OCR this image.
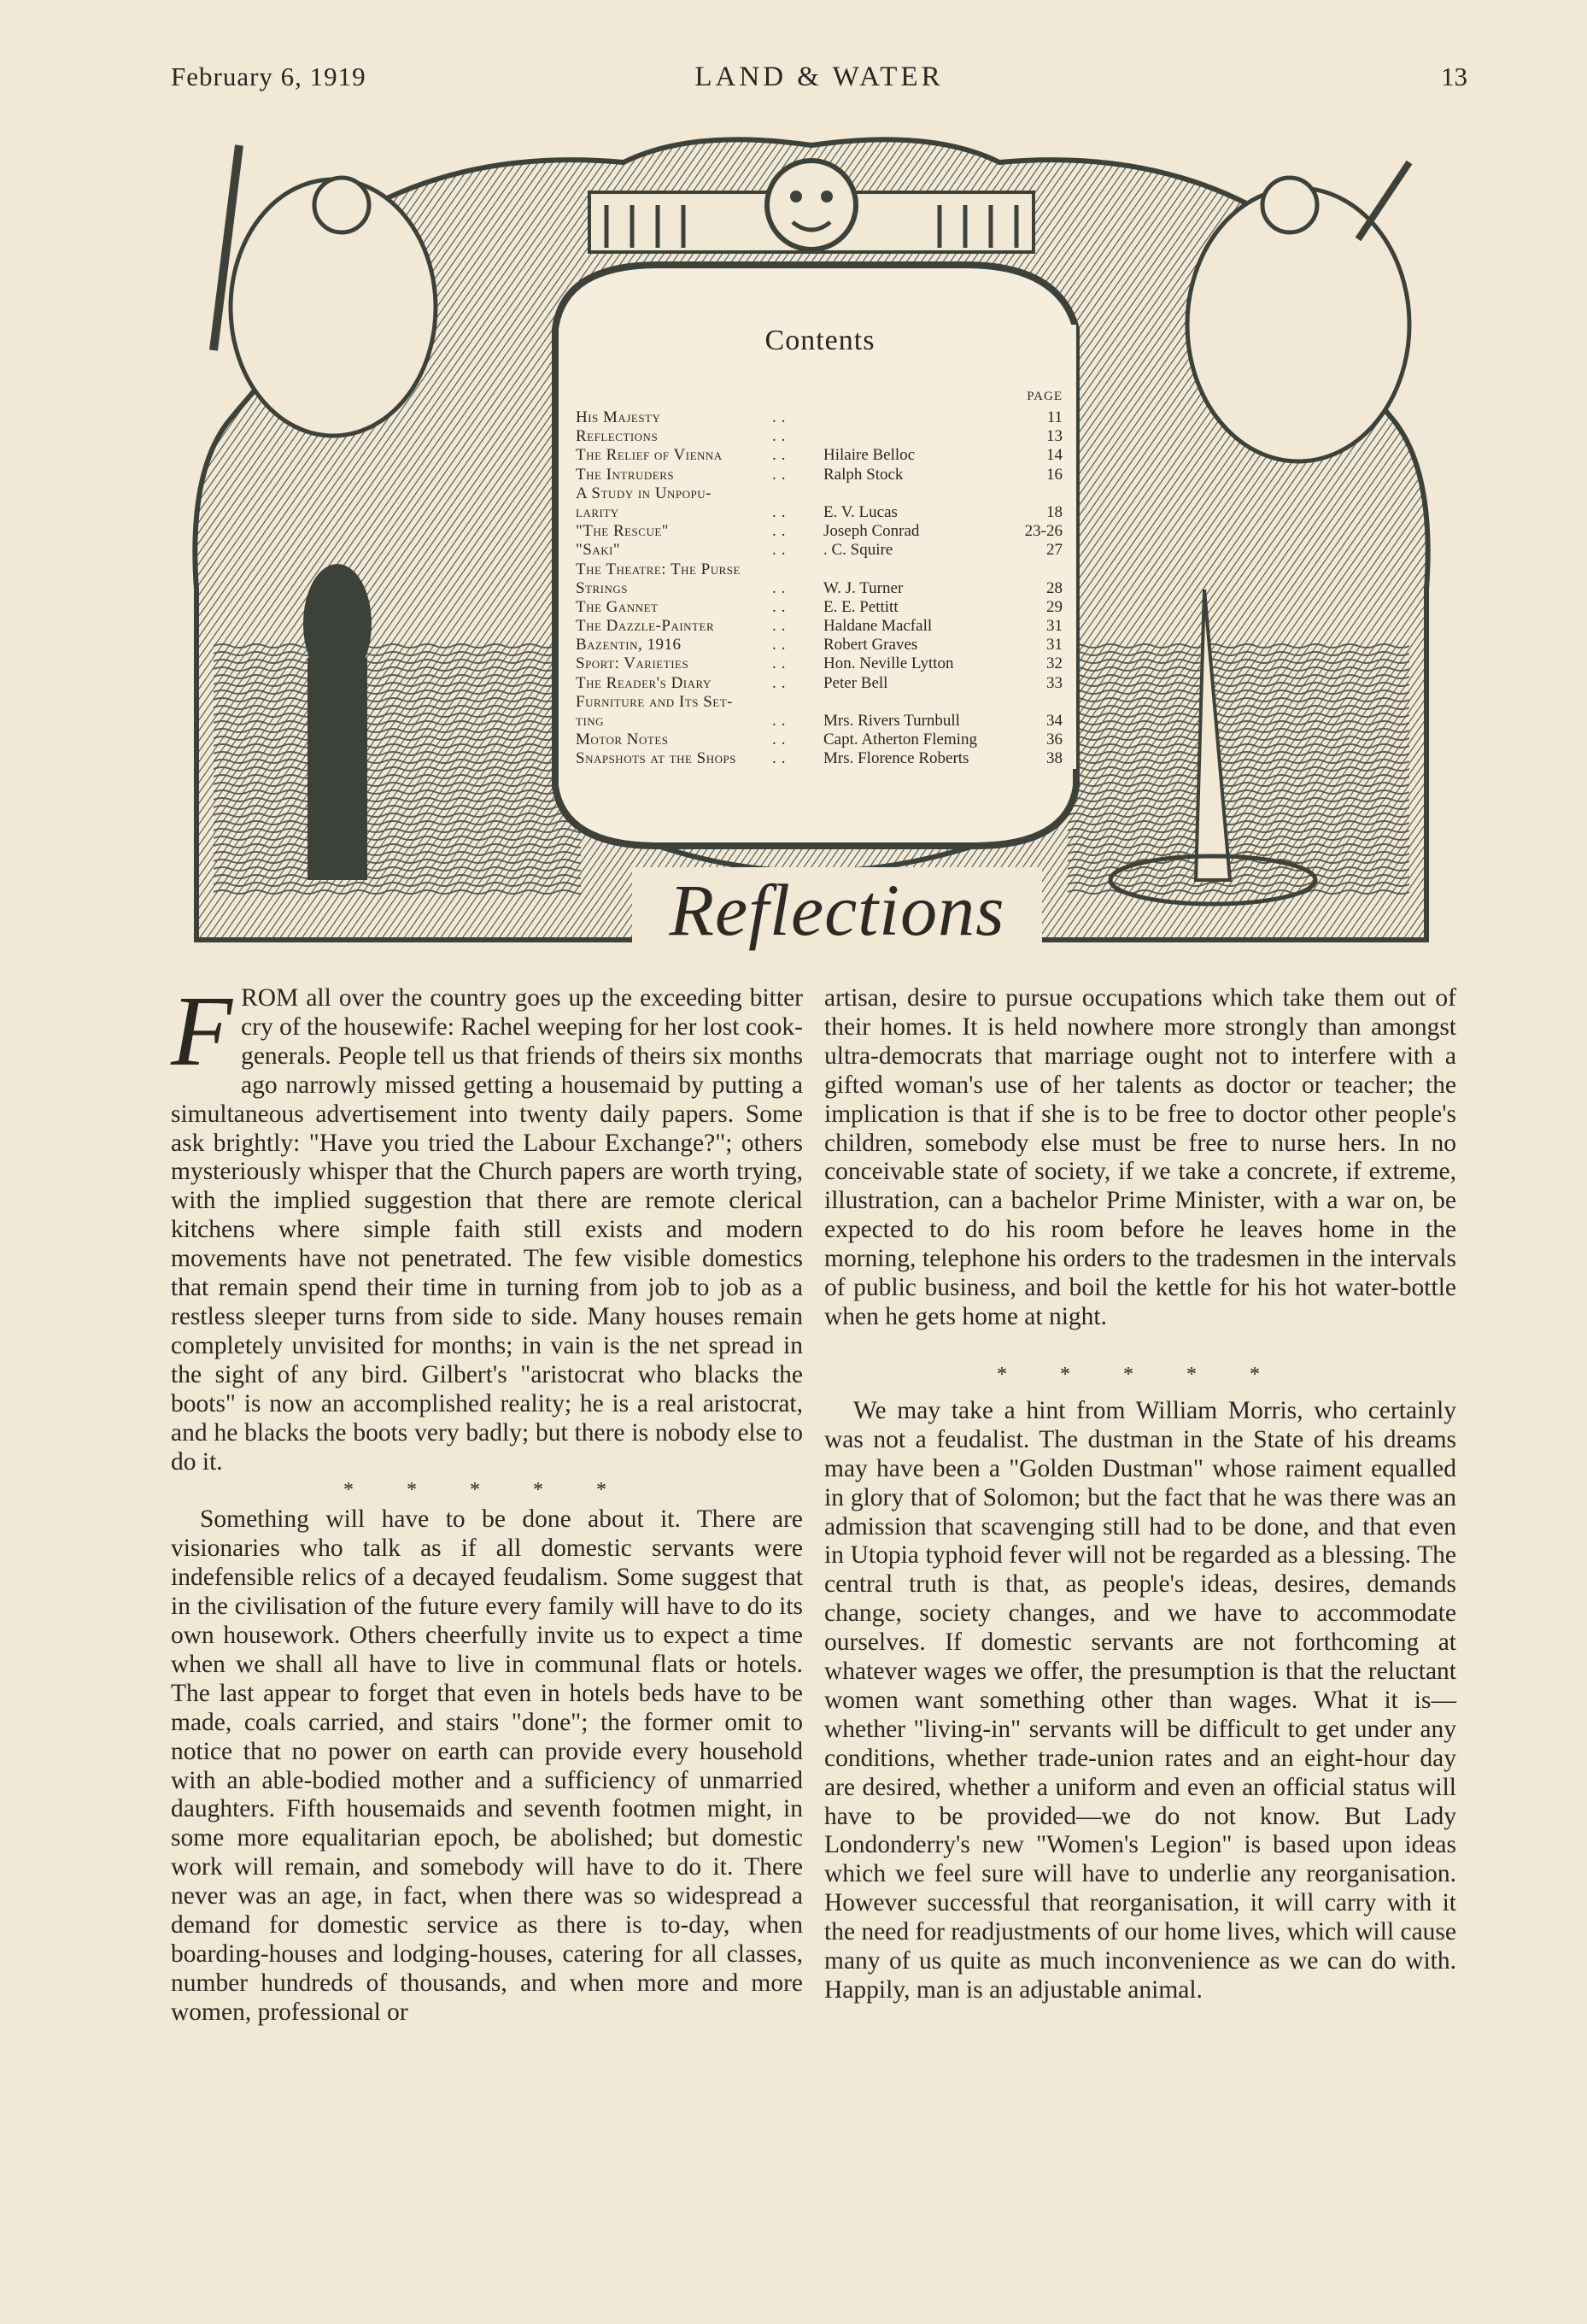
February 6, 1919	LAND & WATER	13
Contents
PAGE
His Majesty	..	11
Reflections	..	13
The Relief of Vienna	.. Hilaire Belloc	14
The Intruders	.. Ralph Stock	16
A Study in Unpopu-
larity	.. E. V. Lucas	18
"The Rescue"	.. Joseph Conrad	23-26
"Saki"	.. . C. Squire	27
The Theatre: The Purse
Strings	.. W. J. Turner	28
The Gannet	.. E. E. Pettitt	29
The Dazzle-Painter	.. Haldane Macfall	31
Bazentin, 1916	.. Robert Graves	31
Sport: Varieties	.. Hon. Neville Lytton	32
The Reader's Diary	.. Peter Bell	33
Furniture and Its Set-
ting	.. Mrs. Rivers Turnbull	34
Motor Notes	.. Capt. Atherton Fleming	36
Snapshots at the Shops .. Mrs. Florence Roberts	38
Reflections

FROM all over the country goes up the exceeding bitter cry of the housewife: Rachel weeping for her lost cook-generals. People tell us that friends of theirs six months ago narrowly missed getting a housemaid by putting a simultaneous advertisement into twenty daily papers. Some ask brightly: "Have you tried the Labour Exchange?"; others mysteriously whisper that the Church papers are worth trying, with the implied suggestion that there are remote clerical kitchens where simple faith still exists and modern movements have not penetrated. The few visible domestics that remain spend their time in turning from job to job as a restless sleeper turns from side to side. Many houses remain completely unvisited for months; in vain is the net spread in the sight of any bird. Gilbert's "aristocrat who blacks the boots" is now an accomplished reality; he is a real aristocrat, and he blacks the boots very badly; but there is nobody else to do it.

* * * * *

Something will have to be done about it. There are visionaries who talk as if all domestic servants were indefensible relics of a decayed feudalism. Some suggest that in the civilisation of the future every family will have to do its own housework. Others cheerfully invite us to expect a time when we shall all have to live in communal flats or hotels. The last appear to forget that even in hotels beds have to be made, coals carried, and stairs "done"; the former omit to notice that no power on earth can provide every household with an able-bodied mother and a sufficiency of unmarried daughters. Fifth housemaids and seventh footmen might, in some more equalitarian epoch, be abolished; but domestic work will remain, and somebody will have to do it. There never was an age, in fact, when there was so widespread a demand for domestic service as there is to-day, when boarding-houses and lodging-houses, catering for all classes, number hundreds of thousands, and when more and more women, professional or

artisan, desire to pursue occupations which take them out of their homes. It is held nowhere more strongly than amongst ultra-democrats that marriage ought not to interfere with a gifted woman's use of her talents as doctor or teacher; the implication is that if she is to be free to doctor other people's children, somebody else must be free to nurse hers. In no conceivable state of society, if we take a concrete, if extreme, illustration, can a bachelor Prime Minister, with a war on, be expected to do his room before he leaves home in the morning, telephone his orders to the tradesmen in the intervals of public business, and boil the kettle for his hot water-bottle when he gets home at night.

* * * * *

We may take a hint from William Morris, who certainly was not a feudalist. The dustman in the State of his dreams may have been a "Golden Dustman" whose raiment equalled in glory that of Solomon; but the fact that he was there was an admission that scavenging still had to be done, and that even in Utopia typhoid fever will not be regarded as a blessing. The central truth is that, as people's ideas, desires, demands change, society changes, and we have to accommodate ourselves. If domestic servants are not forthcoming at whatever wages we offer, the presumption is that the reluctant women want something other than wages. What it is—whether "living-in" servants will be difficult to get under any conditions, whether trade-union rates and an eight-hour day are desired, whether a uniform and even an official status will have to be provided—we do not know. But Lady Londonderry's new "Women's Legion" is based upon ideas which we feel sure will have to underlie any reorganisation. However successful that reorganisation, it will carry with it the need for readjustments of our home lives, which will cause many of us quite as much inconvenience as we can do with. Happily, man is an adjustable animal.
